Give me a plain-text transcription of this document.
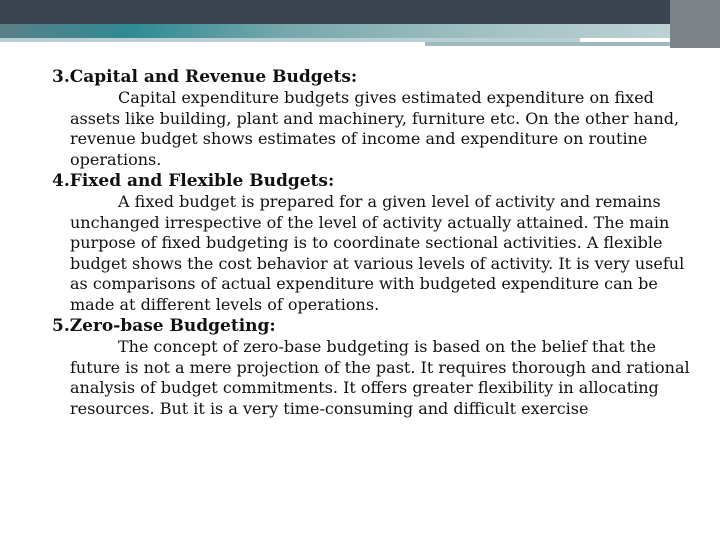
3.Capital and Revenue Budgets:

Capital expenditure budgets gives estimated expenditure on fixed assets like building, plant and machinery, furniture etc. On the other hand, revenue budget shows estimates of income and expenditure on routine operations.

4.Fixed and Flexible Budgets:

A fixed budget is prepared for a given level of activity and remains unchanged irrespective of the level of activity actually attained. The main purpose of fixed budgeting is to coordinate sectional activities. A flexible budget shows the cost behavior at various levels of activity. It is very useful as comparisons of actual expenditure with budgeted expenditure can be made at different levels of operations.

5.Zero-base Budgeting:

The concept of zero-base budgeting is based on the belief that the future is not a mere projection of the past. It requires thorough and rational analysis of budget commitments. It offers greater flexibility in allocating resources. But it is a very time-consuming and difficult exercise
